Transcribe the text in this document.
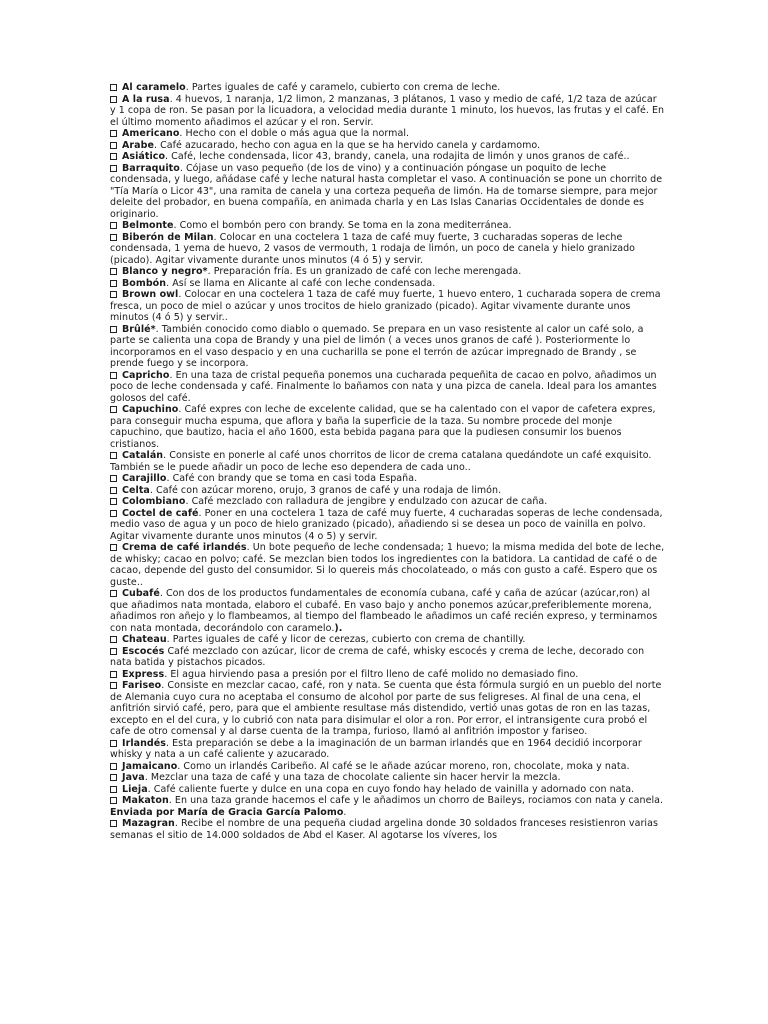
Al caramelo. Partes iguales de café y caramelo, cubierto con crema de leche.

A la rusa. 4 huevos, 1 naranja, 1/2 limon, 2 manzanas, 3 plátanos, 1 vaso y medio de café, 1/2 taza de azúcar y 1 copa de ron. Se pasan por la licuadora, a velocidad media durante 1 minuto, los huevos, las frutas y el café. En el último momento añadimos el azúcar y el ron. Servir.

Americano. Hecho con el doble o más agua que la normal.

Arabe. Café azucarado, hecho con agua en la que se ha hervido canela y cardamomo.

Asiático. Café, leche condensada, licor 43, brandy, canela, una rodajita de limón y unos granos de café..

Barraquito. Cójase un vaso pequeño (de los de vino) y a continuación póngase un poquito de leche condensada, y luego, añádase café y leche natural hasta completar el vaso. A continuación se pone un chorrito de "Tía María o Licor 43", una ramita de canela y una corteza pequeña de limón. Ha de tomarse siempre, para mejor deleite del probador, en buena compañía, en animada charla y en Las Islas Canarias Occidentales de donde es originario.

Belmonte. Como el bombón pero con brandy. Se toma en la zona mediterránea.

Biberón de Milan. Colocar en una coctelera 1 taza de café muy fuerte, 3 cucharadas soperas de leche condensada, 1 yema de huevo, 2 vasos de vermouth, 1 rodaja de limón, un poco de canela y hielo granizado (picado). Agitar vivamente durante unos minutos (4 ó 5) y servir.

Blanco y negro*. Preparación fría. Es un granizado de café con leche merengada.

Bombón. Así se llama en Alicante al café con leche condensada.

Brown owl. Colocar en una coctelera 1 taza de café muy fuerte, 1 huevo entero, 1 cucharada sopera de crema fresca, un poco de miel o azúcar y unos trocitos de hielo granizado (picado). Agitar vivamente durante unos minutos (4 ó 5) y servir..

Brûlé*. También conocido como diablo o quemado. Se prepara en un vaso resistente al calor un café solo, a parte se calienta una copa de Brandy y una piel de limón ( a veces unos granos de café ). Posteriormente lo incorporamos en el vaso despacio y en una cucharilla se pone el terrón de azúcar impregnado de Brandy , se prende fuego y se incorpora.

Capricho. En una taza de cristal pequeña ponemos una cucharada pequeñita de cacao en polvo, añadimos un poco de leche condensada y café. Finalmente lo bañamos con nata y una pizca de canela. Ideal para los amantes golosos del café.

Capuchino. Café expres con leche de excelente calidad, que se ha calentado con el vapor de cafetera expres, para conseguir mucha espuma, que aflora y baña la superficie de la taza. Su nombre procede del monje capuchino, que bautizo, hacia el año 1600, esta bebida pagana para que la pudiesen consumir los buenos cristianos.

Catalán. Consiste en ponerle al café unos chorritos de licor de crema catalana quedándote un café exquisito. También se le puede añadir un poco de leche eso dependera de cada uno..

Carajillo. Café con brandy que se toma en casi toda España.

Celta. Café con azúcar moreno, orujo, 3 granos de café y una rodaja de limón.

Colombiano. Café mezclado con ralladura de jengibre y endulzado con azucar de caña.

Coctel de café. Poner en una coctelera 1 taza de café muy fuerte, 4 cucharadas soperas de leche condensada, medio vaso de agua y un poco de hielo granizado (picado), añadiendo si se desea un poco de vainilla en polvo. Agitar vivamente durante unos minutos (4 o 5) y servir.

Crema de café irlandés. Un bote pequeño de leche condensada; 1 huevo; la misma medida del bote de leche, de whisky; cacao en polvo; café. Se mezclan bien todos los ingredientes con la batidora. La cantidad de café o de cacao, depende del gusto del consumidor. Si lo quereis más chocolateado, o más con gusto a café. Espero que os guste..

Cubafé. Con dos de los productos fundamentales de economía cubana, café y caña de azúcar (azúcar,ron) al que añadimos nata montada, elaboro el cubafé. En vaso bajo y ancho ponemos azúcar,preferiblemente morena, añadimos ron añejo y lo flambeamos, al tiempo del flambeado le añadimos un café recién expreso, y terminamos con nata montada, decorándolo con caramelo.).

Chateau. Partes iguales de café y licor de cerezas, cubierto con crema de chantilly.

Escocés Café mezclado con azúcar, licor de crema de café, whisky escocés y crema de leche, decorado con nata batida y pistachos picados.

Express. El agua hirviendo pasa a presión por el filtro lleno de café molido no demasiado fino.

Fariseo. Consiste en mezclar cacao, café, ron y nata. Se cuenta que ésta fórmula surgió en un pueblo del norte de Alemania cuyo cura no aceptaba el consumo de alcohol por parte de sus feligreses. Al final de una cena, el anfitrión sirvió café, pero, para que el ambiente resultase más distendido, vertió unas gotas de ron en las tazas, excepto en el del cura, y lo cubrió con nata para disimular el olor a ron. Por error, el intransigente cura probó el cafe de otro comensal y al darse cuenta de la trampa, furioso, llamó al anfitrión impostor y fariseo.

Irlandés. Esta preparación se debe a la imaginación de un barman irlandés que en 1964 decidió incorporar whisky y nata a un café caliente y azucarado.

Jamaicano. Como un irlandés Caribeño. Al café se le añade azúcar moreno, ron, chocolate, moka y nata.

Java. Mezclar una taza de café y una taza de chocolate caliente sin hacer hervir la mezcla.

Lieja. Café caliente fuerte y dulce en una copa en cuyo fondo hay helado de vainilla y adornado con nata.

Makaton. En una taza grande hacemos el cafe y le añadimos un chorro de Baileys, rociamos con nata y canela. Enviada por María de Gracia García Palomo.

Mazagran. Recibe el nombre de una pequeña ciudad argelina donde 30 soldados franceses resistienron varias semanas el sitio de 14.000 soldados de Abd el Kaser. Al agotarse los víveres, los
